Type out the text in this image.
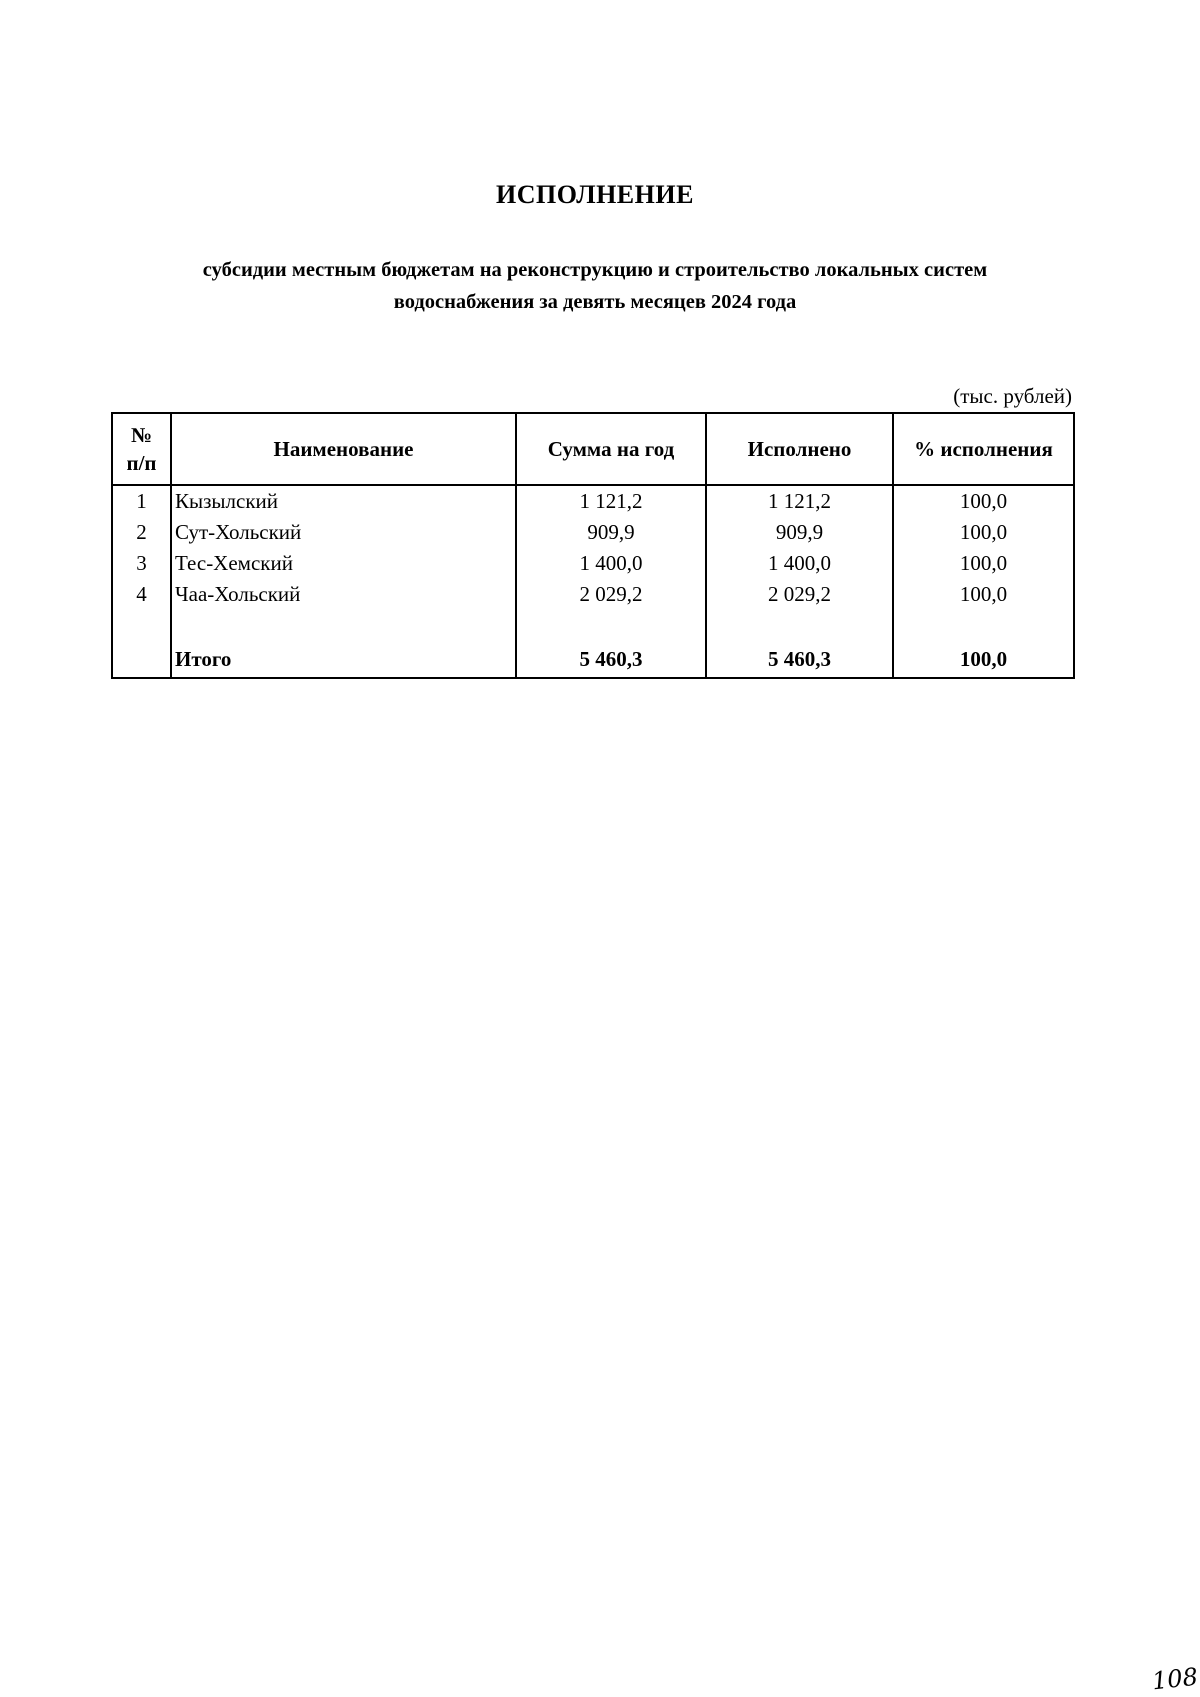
ИСПОЛНЕНИЕ
субсидии местным бюджетам на реконструкцию и строительство локальных систем
водоснабжения за девять месяцев 2024 года
(тыс. рублей)
№
п/п	Наименование	Сумма на год	Исполнено	% исполнения
1	Кызылский	1 121,2	1 121,2	100,0
2	Сут-Хольский	909,9	909,9	100,0
3	Тес-Хемский	1 400,0	1 400,0	100,0
4	Чаа-Хольский	2 029,2	2 029,2	100,0

	Итого	5 460,3	5 460,3	100,0
108
